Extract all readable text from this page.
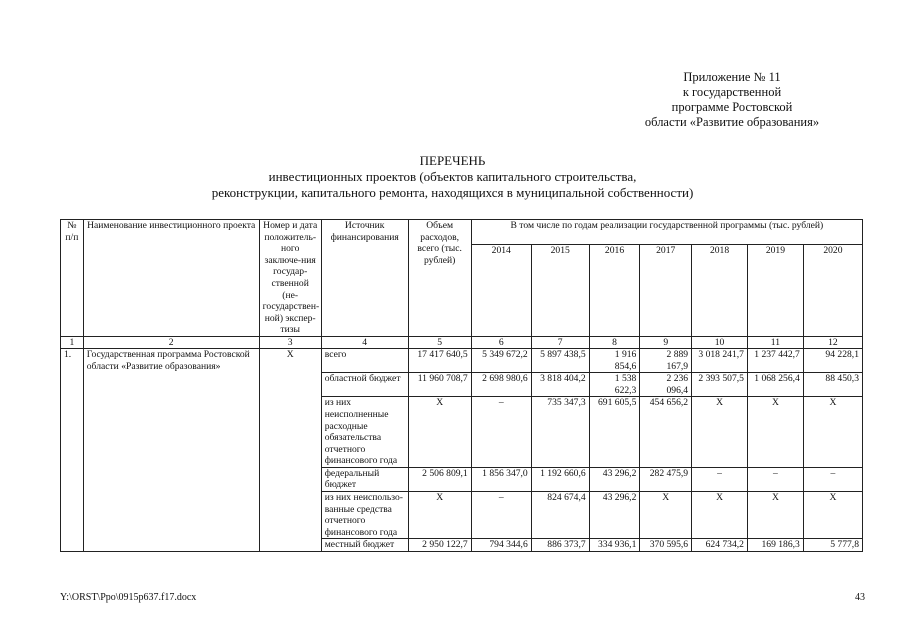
Приложение № 11
к государственной
программе Ростовской
области «Развитие образования»
ПЕРЕЧЕНЬ
инвестиционных проектов (объектов капитального строительства,
реконструкции, капитального ремонта, находящихся в муниципальной собственности)
№ п/п	Наименование инвестиционного проекта	Номер и дата положитель-ного заключе-ния государ-ственной (не-государствен-ной) экспер-тизы	Источник финансирования	Объем расходов, всего (тыс. рублей)	В том числе по годам реализации государственной программы (тыс. рублей)						
					2014	2015	2016	2017	2018	2019	2020
1	2	3	4	5	6	7	8	9	10	11	12
1.	Государственная программа Ростовской области «Развитие образования»	Х	всего	17 417 640,5	5 349 672,2	5 897 438,5	1 916 854,6	2 889 167,9	3 018 241,7	1 237 442,7	94 228,1
			областной бюджет	11 960 708,7	2 698 980,6	3 818 404,2	1 538 622,3	2 236 096,4	2 393 507,5	1 068 256,4	88 450,3
			из них неисполненные расходные обязательства отчетного финансового года	Х	–	735 347,3	691 605,5	454 656,2	Х	Х	Х
			федеральный бюджет	2 506 809,1	1 856 347,0	1 192 660,6	43 296,2	282 475,9	–	–	–
			из них неиспользо-ванные средства отчетного финансового года	Х	–	824 674,4	43 296,2	Х	Х	Х	Х
			местный бюджет	2 950 122,7	794 344,6	886 373,7	334 936,1	370 595,6	624 734,2	169 186,3	5 777,8
Y:\ORST\Ppo\0915p637.f17.docx	43
